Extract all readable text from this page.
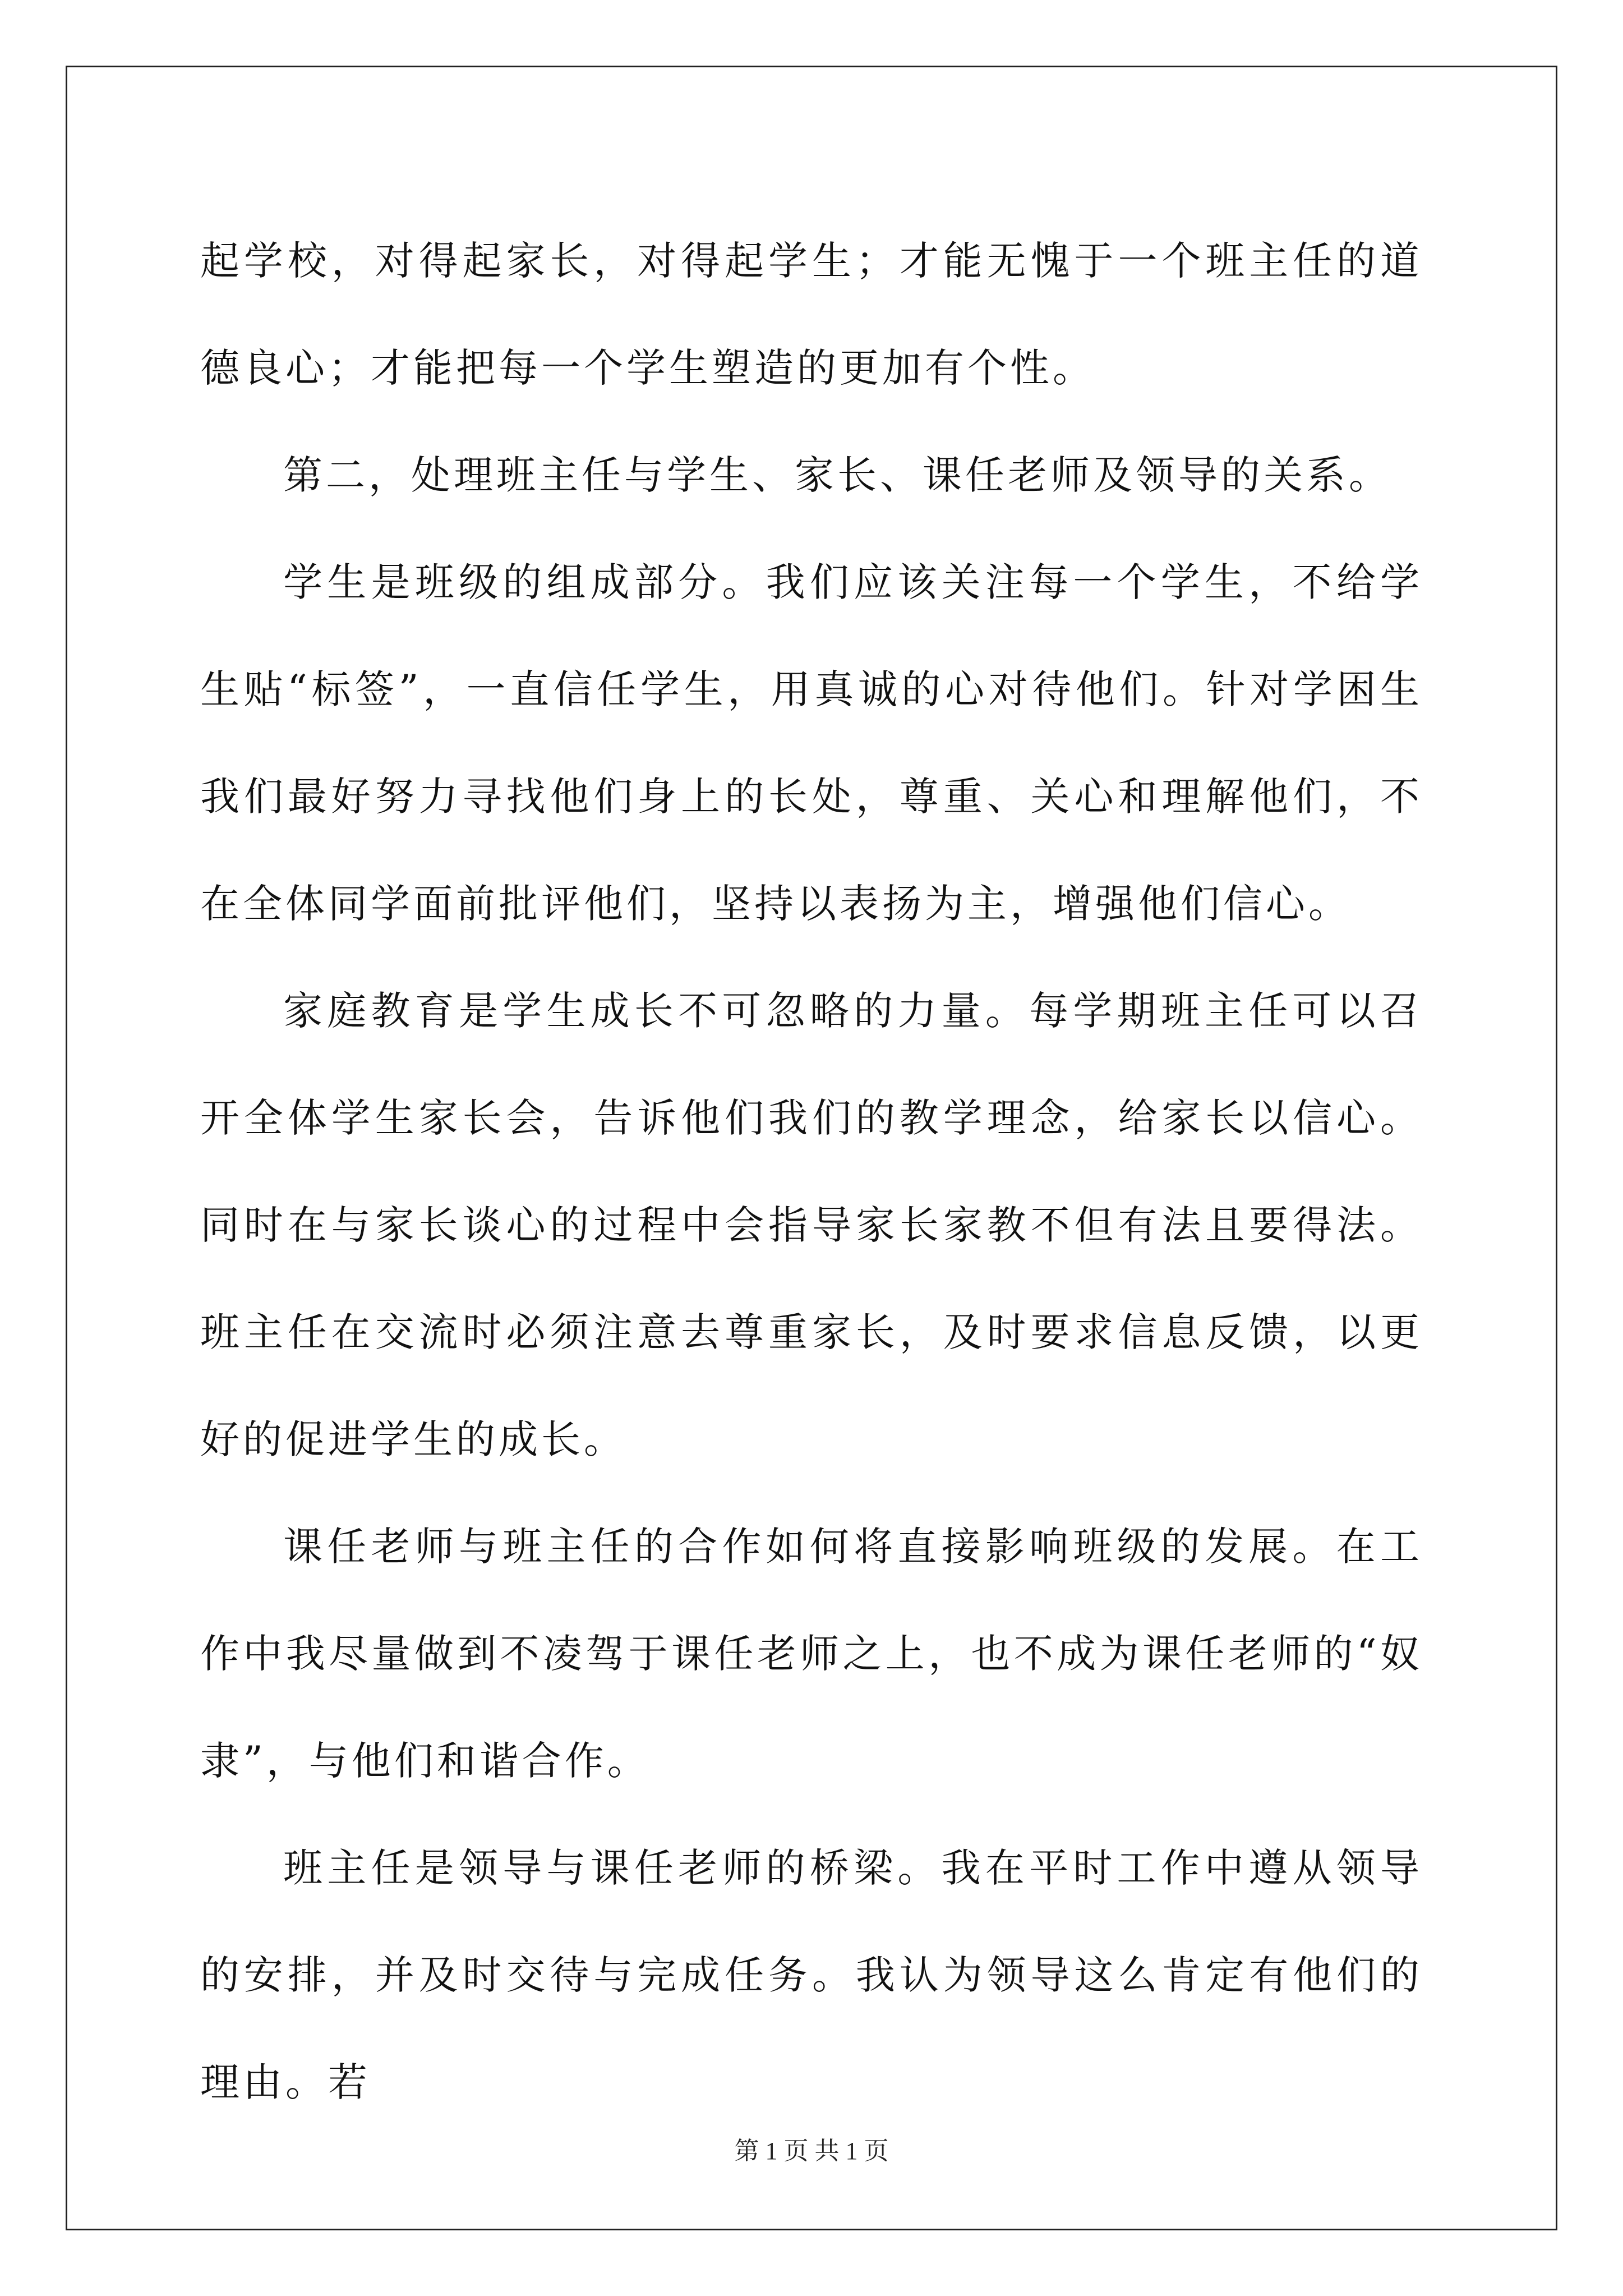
起学校，对得起家长，对得起学生；才能无愧于一个班主任的道德良心；才能把每一个学生塑造的更加有个性。

第二，处理班主任与学生、家长、课任老师及领导的关系。

学生是班级的组成部分。我们应该关注每一个学生，不给学生贴“标签”，一直信任学生，用真诚的心对待他们。针对学困生我们最好努力寻找他们身上的长处，尊重、关心和理解他们，不在全体同学面前批评他们，坚持以表扬为主，增强他们信心。

家庭教育是学生成长不可忽略的力量。每学期班主任可以召开全体学生家长会，告诉他们我们的教学理念，给家长以信心。同时在与家长谈心的过程中会指导家长家教不但有法且要得法。班主任在交流时必须注意去尊重家长，及时要求信息反馈，以更好的促进学生的成长。

课任老师与班主任的合作如何将直接影响班级的发展。在工作中我尽量做到不凌驾于课任老师之上，也不成为课任老师的“奴隶”，与他们和谐合作。

班主任是领导与课任老师的桥梁。我在平时工作中遵从领导的安排，并及时交待与完成任务。我认为领导这么肯定有他们的理由。若

第 1 页 共 1 页
